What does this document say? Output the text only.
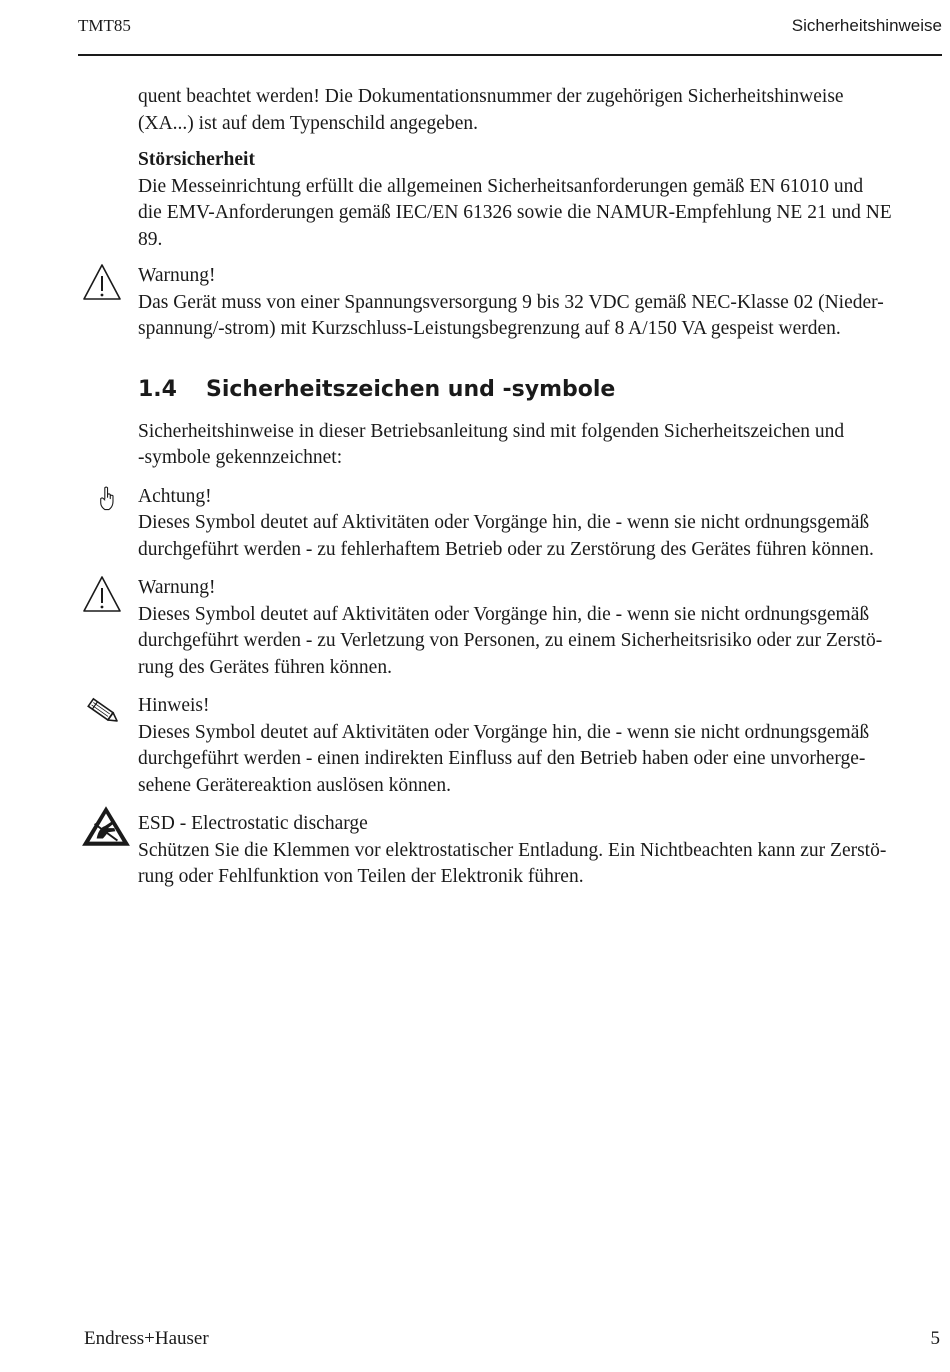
TMT85	Sicherheitshinweise

quent beachtet werden! Die Dokumentationsnummer der zugehörigen Sicherheitshinweise

(XA...) ist auf dem Typenschild angegeben.

Störsicherheit

Die Messeinrichtung erfüllt die allgemeinen Sicherheitsanforderungen gemäß EN 61010 und

die EMV-Anforderungen gemäß IEC/EN 61326 sowie die NAMUR-Empfehlung NE 21 und NE

89.

Warnung!

Das Gerät muss von einer Spannungsversorgung 9 bis 32 VDC gemäß NEC-Klasse 02 (Nieder-

spannung/-strom) mit Kurzschluss-Leistungsbegrenzung auf 8 A/150 VA gespeist werden.

1.4 Sicherheitszeichen und -symbole

Sicherheitshinweise in dieser Betriebsanleitung sind mit folgenden Sicherheitszeichen und

-symbole gekennzeichnet:

Achtung!

Dieses Symbol deutet auf Aktivitäten oder Vorgänge hin, die - wenn sie nicht ordnungsgemäß

durchgeführt werden - zu fehlerhaftem Betrieb oder zu Zerstörung des Gerätes führen können.

Warnung!

Dieses Symbol deutet auf Aktivitäten oder Vorgänge hin, die - wenn sie nicht ordnungsgemäß

durchgeführt werden - zu Verletzung von Personen, zu einem Sicherheitsrisiko oder zur Zerstö-

rung des Gerätes führen können.

Hinweis!

Dieses Symbol deutet auf Aktivitäten oder Vorgänge hin, die - wenn sie nicht ordnungsgemäß

durchgeführt werden - einen indirekten Einfluss auf den Betrieb haben oder eine unvorherge-

sehene Gerätereaktion auslösen können.

ESD - Electrostatic discharge

Schützen Sie die Klemmen vor elektrostatischer Entladung. Ein Nichtbeachten kann zur Zerstö-

rung oder Fehlfunktion von Teilen der Elektronik führen.

Endress+Hauser	5
